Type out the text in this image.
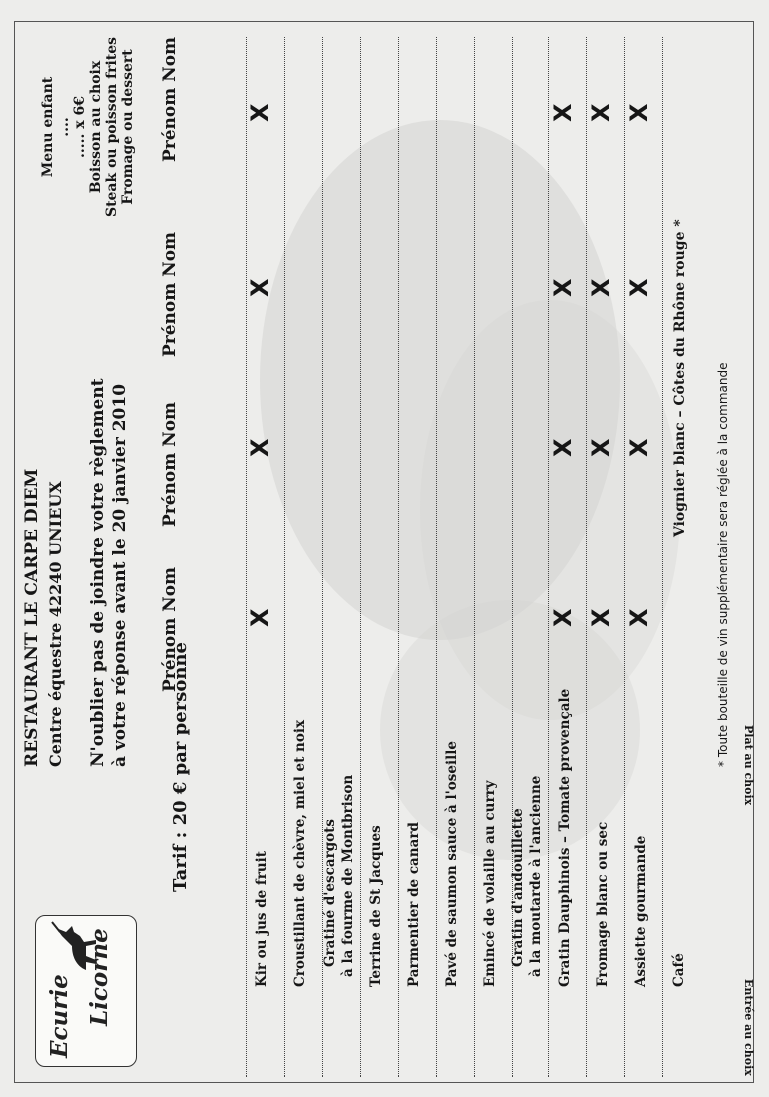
Ecurie Licorne
RESTAURANT LE CARPE DIEM Centre équestre 42240 UNIEUX N'oublier pas de joindre votre règlement à votre réponse avant le 20 janvier 2010
Tarif : 20 € par personne
Prénom Nom
Prénom Nom
Prénom Nom
Prénom Nom
Menu enfant .... ..... x 6€ Boisson au choix Steak ou poisson frites Fromage ou dessert
Entrée au choix
Plat au choix
Kir ou jus de fruit
X
X
X
X
Croustillant de chèvre, miel et noix Gratiné d'escargots à la fourme de Montbrison Terrine de St Jacques Parmentier de canard Pavé de saumon sauce à l'oseille Emincé de volaille au curry Gratin d'andouillette à la moutarde à l'ancienne Gratin Dauphinois – Tomate provençale
X
X
X
X
Fromage blanc ou sec
X
X
X
X
Assiette gourmande
X
X
X
X
Café
Viognier blanc – Côtes du Rhône rouge * * Toute bouteille de vin supplémentaire sera réglée à la commande
